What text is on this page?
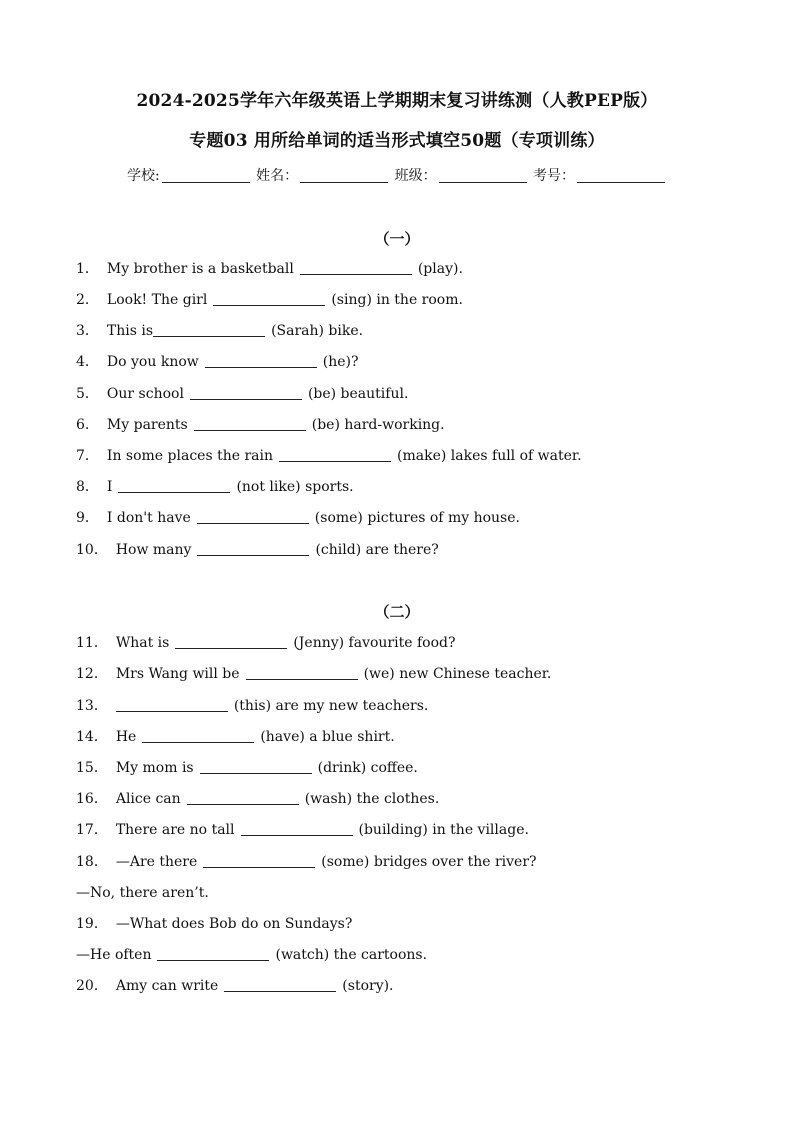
2024-2025学年六年级英语上学期期末复习讲练测（人教PEP版）
专题03 用所给单词的适当形式填空50题（专项训练）
学校:	姓名：	班级：	考号：
（一）
1． My brother is a basketball	(play).
2． Look! The girl	(sing) in the room.
3． This is	(Sarah) bike.
4． Do you know	(he)?
5． Our school	(be) beautiful.
6． My parents	(be) hard-working.
7． In some places the rain	(make) lakes full of water.
8． I	(not like) sports.
9． I don't have	(some) pictures of my house.
10． How many	(child) are there?
（二）
11． What is	(Jenny) favourite food?
12． Mrs Wang will be	(we) new Chinese teacher.
13．	(this) are my new teachers.
14． He	(have) a blue shirt.
15． My mom is	(drink) coffee.
16． Alice can	(wash) the clothes.
17． There are no tall	(building) in the village.
18． —Are there	(some) bridges over the river?
—No, there aren’t.
19． —What does Bob do on Sundays?
—He often	(watch) the cartoons.
20． Amy can write	(story).
